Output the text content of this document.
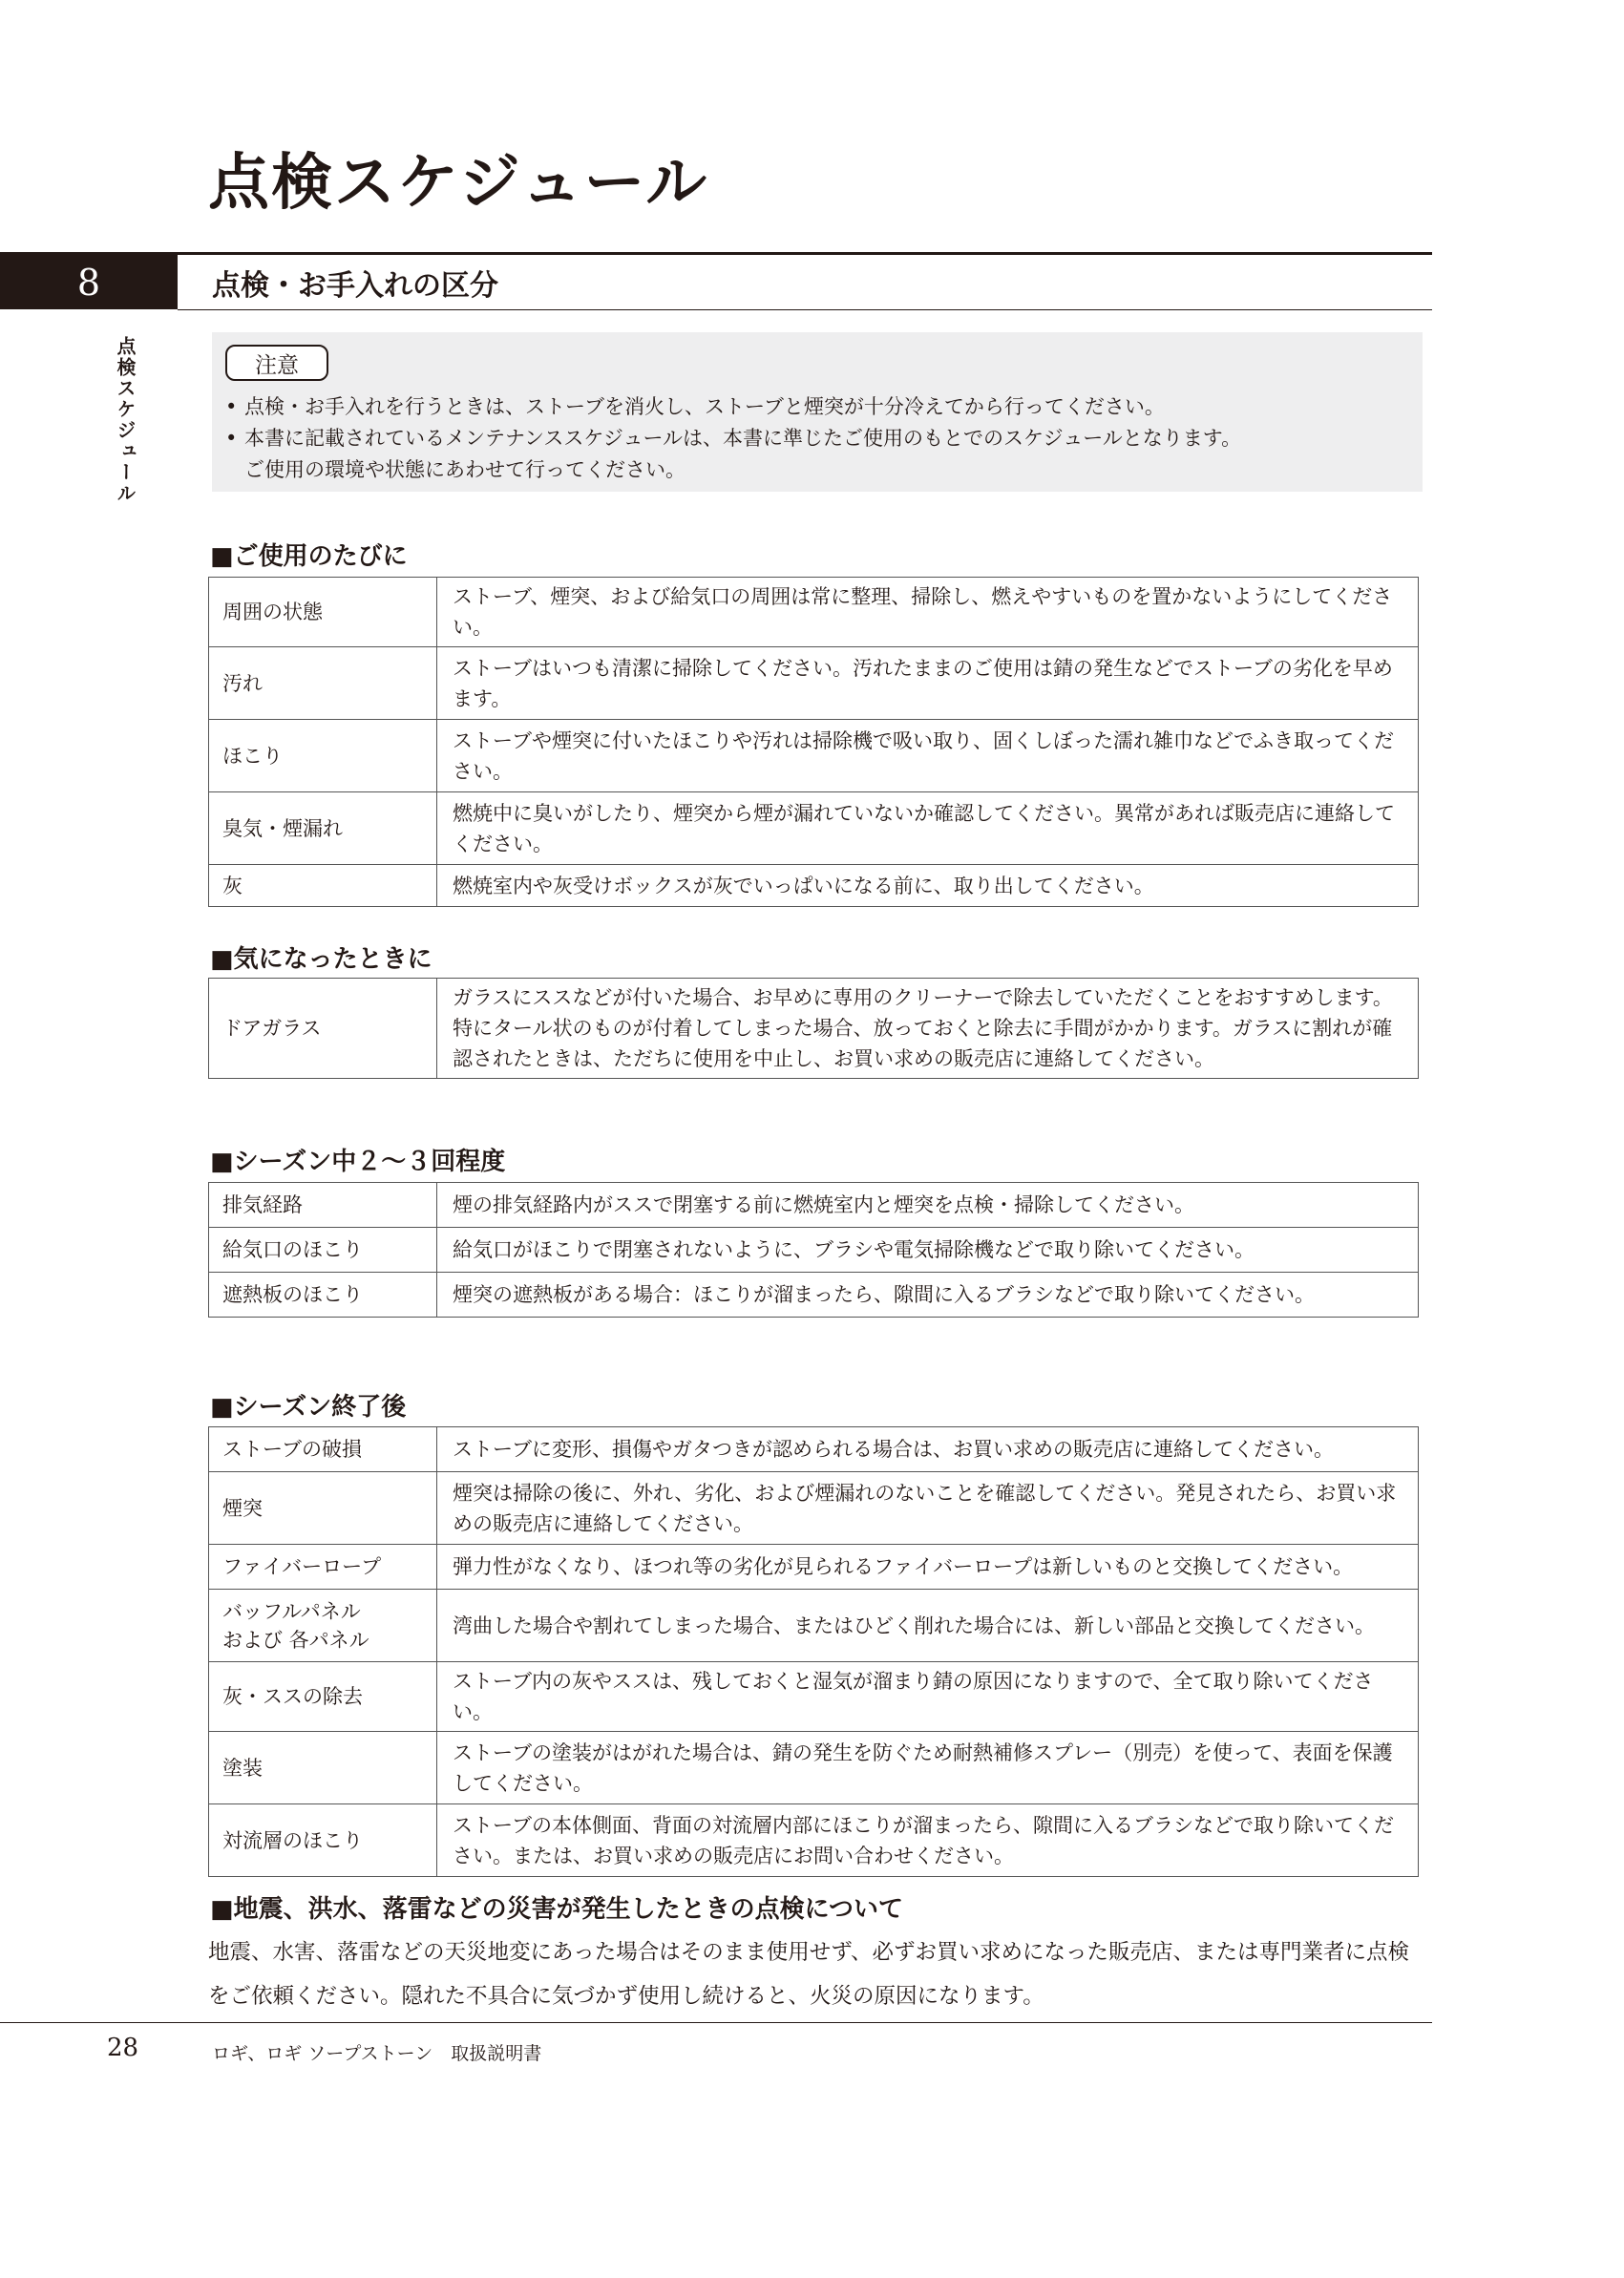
点検スケジュール
8	点検・お手入れの区分
点検スケジュール	注意
• 点検・お手入れを行うときは、ストーブを消火し、ストーブと煙突が十分冷えてから行ってください。
• 本書に記載されているメンテナンススケジュールは、本書に準じたご使用のもとでのスケジュールとなります。
ご使用の環境や状態にあわせて行ってください。
■ご使用のたびに
周囲の状態	ストーブ、煙突、および給気口の周囲は常に整理、掃除し、燃えやすいものを置かないようにしてください。
汚れ	ストーブはいつも清潔に掃除してください。汚れたままのご使用は錆の発生などでストーブの劣化を早めます。
ほこり	ストーブや煙突に付いたほこりや汚れは掃除機で吸い取り、固くしぼった濡れ雑巾などでふき取ってください。
臭気・煙漏れ	燃焼中に臭いがしたり、煙突から煙が漏れていないか確認してください。異常があれば販売店に連絡してください。
灰	燃焼室内や灰受けボックスが灰でいっぱいになる前に、取り出してください。
■気になったときに
ドアガラス	ガラスにススなどが付いた場合、お早めに専用のクリーナーで除去していただくことをおすすめします。特にタール状のものが付着してしまった場合、放っておくと除去に手間がかかります。ガラスに割れが確認されたときは、ただちに使用を中止し、お買い求めの販売店に連絡してください。
■シーズン中２～３回程度
排気経路	煙の排気経路内がススで閉塞する前に燃焼室内と煙突を点検・掃除してください。
給気口のほこり	給気口がほこりで閉塞されないように、ブラシや電気掃除機などで取り除いてください。
遮熱板のほこり	煙突の遮熱板がある場合：ほこりが溜まったら、隙間に入るブラシなどで取り除いてください。
■シーズン終了後
ストーブの破損	ストーブに変形、損傷やガタつきが認められる場合は、お買い求めの販売店に連絡してください。
煙突	煙突は掃除の後に、外れ、劣化、および煙漏れのないことを確認してください。発見されたら、お買い求めの販売店に連絡してください。
ファイバーロープ	弾力性がなくなり、ほつれ等の劣化が見られるファイバーロープは新しいものと交換してください。
バッフルパネル
および 各パネル	湾曲した場合や割れてしまった場合、またはひどく削れた場合には、新しい部品と交換してください。
灰・ススの除去	ストーブ内の灰やススは、残しておくと湿気が溜まり錆の原因になりますので、全て取り除いてください。
塗装	ストーブの塗装がはがれた場合は、錆の発生を防ぐため耐熱補修スプレー（別売）を使って、表面を保護してください。
対流層のほこり	ストーブの本体側面、背面の対流層内部にほこりが溜まったら、隙間に入るブラシなどで取り除いてください。または、お買い求めの販売店にお問い合わせください。
■地震、洪水、落雷などの災害が発生したときの点検について
地震、水害、落雷などの天災地変にあった場合はそのまま使用せず、必ずお買い求めになった販売店、または専門業者に点検をご依頼ください。隠れた不具合に気づかず使用し続けると、火災の原因になります。
28	ロギ、ロギ ソープストーン　取扱説明書
